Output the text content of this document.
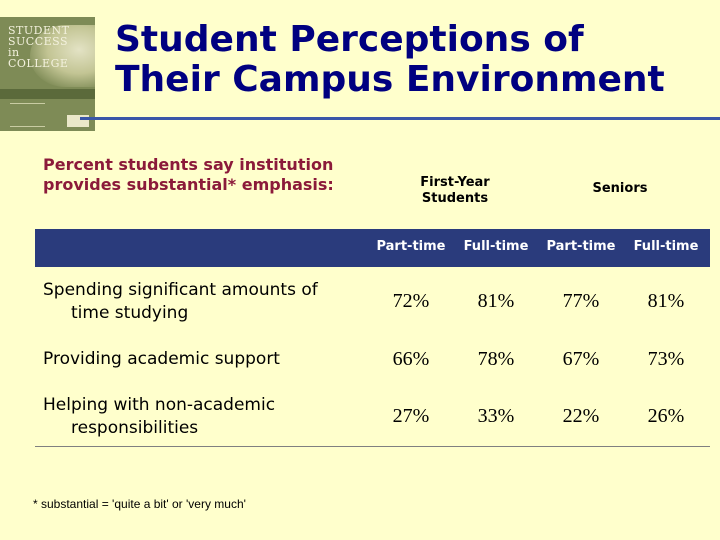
STUDENT
SUCCESS
in
COLLEGE
Student Perceptions of
Their Campus Environment
Percent students say institution provides substantial* emphasis:	First-Year Students
Seniors
Part-time	Full-time	Part-time	Full-time
Spending significant amounts of
time studying
72%	81%	77%	81%
Providing academic support	66%	78%	67%	73%
Helping with non-academic
responsibilities
27%	33%	22%	26%
* substantial = 'quite a bit' or 'very much'
